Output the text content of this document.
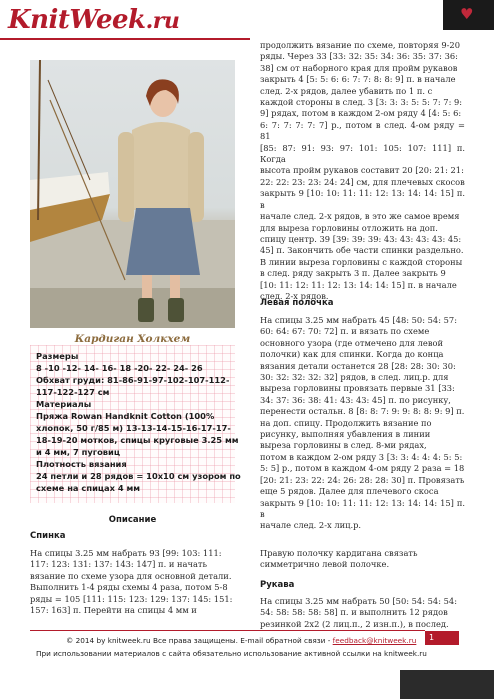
KnitWeek.ru	♥
Кардиган Холкхем
Размеры
8 -10 -12- 14- 16- 18 -20- 22- 24- 26
Обхват груди: 81-86-91-97-102-107-112-
117-122-127 см
Материалы
Пряжа Rowan Handknit Cotton (100%
хлопок, 50 г/85 м) 13-13-14-15-16-17-17-
18-19-20 мотков, спицы круговые 3.25 мм
и 4 мм, 7 пуговиц
Плотность вязания
24 петли и 28 рядов = 10x10 см узором по
схеме на спицах 4 мм
Описание
Спинка
На спицы 3.25 мм набрать 93 [99: 103: 111:
117: 123: 131: 137: 143: 147] п. и начать
вязание по схеме узора для основной детали.
Выполнить 1-4 ряды схемы 4 раза, потом 5-8
ряды = 105 [111: 115: 123: 129: 137: 145: 151:
157: 163] п. Перейти на спицы 4 мм и
продолжить вязание по схеме, повторяя 9-20
ряды. Через 33 [33: 32: 35: 34: 36: 35: 37: 36:
38] см от наборного края для пройм рукавов
закрыть 4 [5: 5: 6: 6: 7: 7: 8: 8: 9] п. в начале
след. 2-х рядов, далее убавить по 1 п. с
каждой стороны в след. 3 [3: 3: 3: 5: 5: 7: 7: 9:
9] рядах, потом в каждом 2-ом ряду 4 [4: 5: 6:
6: 7: 7: 7: 7: 7] р., потом в след. 4-ом ряду = 81
[85: 87: 91: 93: 97: 101: 105: 107: 111] п. Когда
высота пройм рукавов составит 20 [20: 21: 21:
22: 22: 23: 23: 24: 24] см, для плечевых скосов
закрыть 9 [10: 10: 11: 11: 12: 13: 14: 14: 15] п. в
начале след. 2-х рядов, в это же самое время
для выреза горловины отложить на доп.
спицу центр. 39 [39: 39: 39: 43: 43: 43: 43: 45:
45] п. Закончить обе части спинки раздельно.
В линии выреза горловины с каждой стороны
в след. ряду закрыть 3 п. Далее закрыть 9
[10: 11: 12: 11: 12: 13: 14: 14: 15] п. в начале
след. 2-х рядов.
Левая полочка
На спицы 3.25 мм набрать 45 [48: 50: 54: 57:
60: 64: 67: 70: 72] п. и вязать по схеме
основного узора (где отмечено для левой
полочки) как для спинки. Когда до конца
вязания детали останется 28 [28: 28: 30: 30:
30: 32: 32: 32: 32] рядов, в след. лиц.р. для
выреза горловины провязать первые 31 [33:
34: 37: 36: 38: 41: 43: 43: 45] п. по рисунку,
перенести остальн. 8 [8: 8: 7: 9: 9: 8: 8: 9: 9] п.
на доп. спицу. Продолжить вязание по
рисунку, выполняя убавления в линии
выреза горловины в след. 8-ми рядах,
потом в каждом 2-ом ряду 3 [3: 3: 4: 4: 4: 5: 5:
5: 5] р., потом в каждом 4-ом ряду 2 раза = 18
[20: 21: 23: 22: 24: 26: 28: 28: 30] п. Провязать
еще 5 рядов. Далее для плечевого скоса
закрыть 9 [10: 10: 11: 11: 12: 13: 14: 14: 15] п. в
начале след. 2-х лиц.р.
Правую полочку кардигана связать
симметрично левой полочке.
Рукава
На спицы 3.25 мм набрать 50 [50: 54: 54: 54:
54: 58: 58: 58: 58] п. и выполнить 12 рядов
резинкой 2х2 (2 лиц.п., 2 изн.п.), в послед.
© 2014 by knitweek.ru Все права защищены. E-mail обратной связи - feedback@knitweek.ru
При использовании материалов с сайта обязательно использование активной ссылки на knitweek.ru
1
